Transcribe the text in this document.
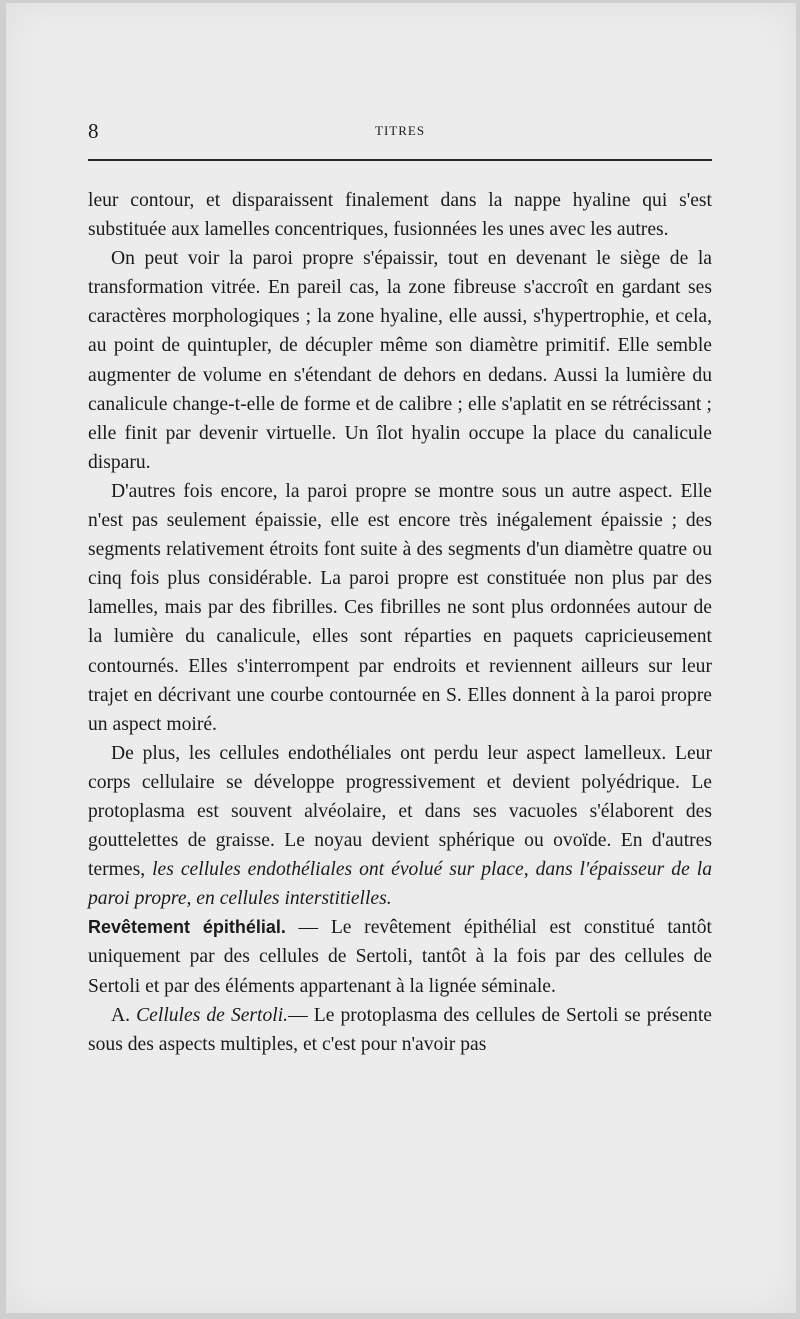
8	TITRES

leur contour, et disparaissent finalement dans la nappe hyaline qui s'est substituée aux lamelles concentriques, fusionnées les unes avec les autres.

On peut voir la paroi propre s'épaissir, tout en devenant le siège de la transformation vitrée. En pareil cas, la zone fibreuse s'accroît en gardant ses caractères morphologiques ; la zone hyaline, elle aussi, s'hypertrophie, et cela, au point de quintupler, de décupler même son diamètre primitif. Elle semble augmenter de volume en s'étendant de dehors en dedans. Aussi la lumière du canalicule change-t-elle de forme et de calibre ; elle s'aplatit en se rétrécissant ; elle finit par devenir virtuelle. Un îlot hyalin occupe la place du canalicule disparu.

D'autres fois encore, la paroi propre se montre sous un autre aspect. Elle n'est pas seulement épaissie, elle est encore très inégalement épaissie ; des segments relativement étroits font suite à des segments d'un diamètre quatre ou cinq fois plus considérable. La paroi propre est constituée non plus par des lamelles, mais par des fibrilles. Ces fibrilles ne sont plus ordonnées autour de la lumière du canalicule, elles sont réparties en paquets capricieusement contournés. Elles s'interrompent par endroits et reviennent ailleurs sur leur trajet en décrivant une courbe contournée en S. Elles donnent à la paroi propre un aspect moiré.

De plus, les cellules endothéliales ont perdu leur aspect lamelleux. Leur corps cellulaire se développe progressivement et devient polyédrique. Le protoplasma est souvent alvéolaire, et dans ses vacuoles s'élaborent des gouttelettes de graisse. Le noyau devient sphérique ou ovoïde. En d'autres termes, les cellules endothéliales ont évolué sur place, dans l'épaisseur de la paroi propre, en cellules interstitielles.

Revêtement épithélial. — Le revêtement épithélial est constitué tantôt uniquement par des cellules de Sertoli, tantôt à la fois par des cellules de Sertoli et par des éléments appartenant à la lignée séminale.

A. Cellules de Sertoli.— Le protoplasma des cellules de Sertoli se présente sous des aspects multiples, et c'est pour n'avoir pas
